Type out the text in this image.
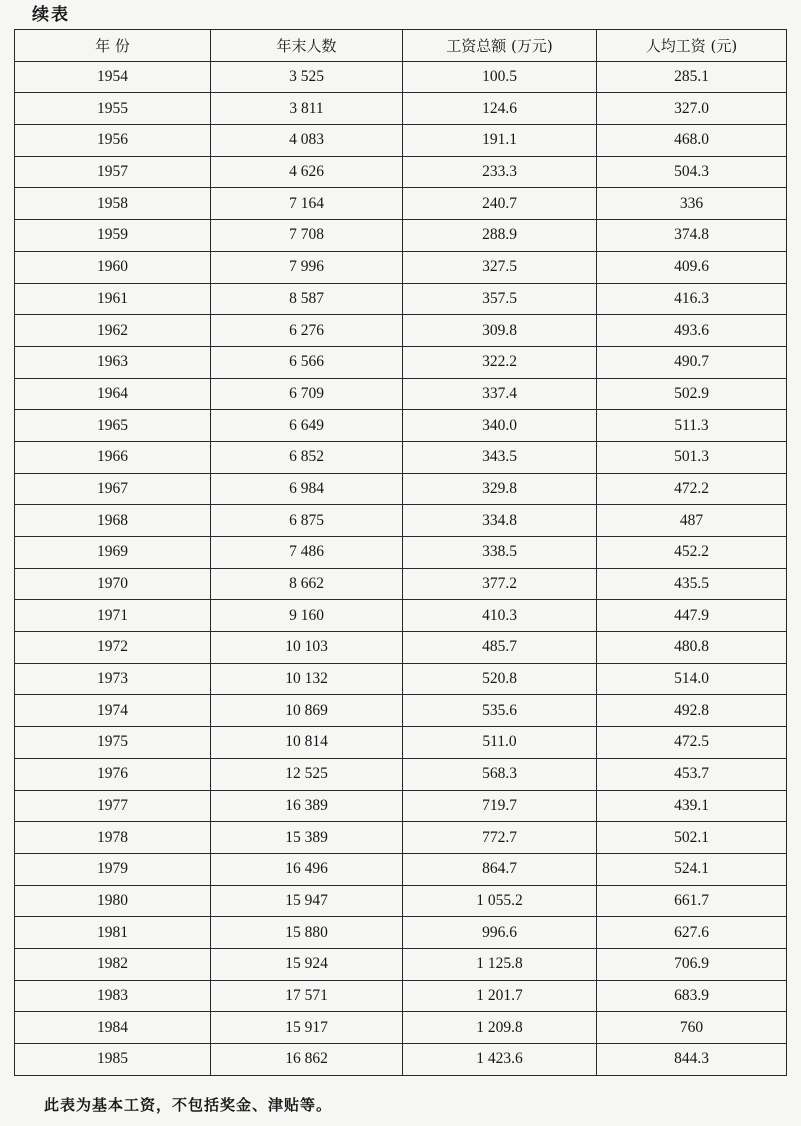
续表
年 份	年末人数	工资总额 (万元)	人均工资 (元)
1954	3 525	100.5	285.1
1955	3 811	124.6	327.0
1956	4 083	191.1	468.0
1957	4 626	233.3	504.3
1958	7 164	240.7	336
1959	7 708	288.9	374.8
1960	7 996	327.5	409.6
1961	8 587	357.5	416.3
1962	6 276	309.8	493.6
1963	6 566	322.2	490.7
1964	6 709	337.4	502.9
1965	6 649	340.0	511.3
1966	6 852	343.5	501.3
1967	6 984	329.8	472.2
1968	6 875	334.8	487
1969	7 486	338.5	452.2
1970	8 662	377.2	435.5
1971	9 160	410.3	447.9
1972	10 103	485.7	480.8
1973	10 132	520.8	514.0
1974	10 869	535.6	492.8
1975	10 814	511.0	472.5
1976	12 525	568.3	453.7
1977	16 389	719.7	439.1
1978	15 389	772.7	502.1
1979	16 496	864.7	524.1
1980	15 947	1 055.2	661.7
1981	15 880	996.6	627.6
1982	15 924	1 125.8	706.9
1983	17 571	1 201.7	683.9
1984	15 917	1 209.8	760
1985	16 862	1 423.6	844.3
此表为基本工资，不包括奖金、津贴等。
